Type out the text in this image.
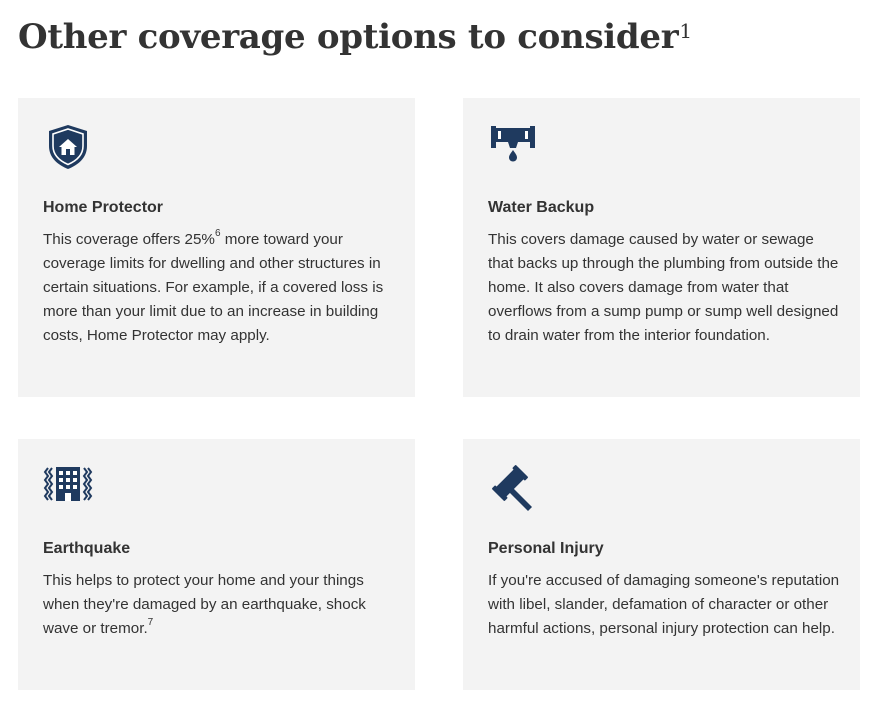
Other coverage options to consider$^1$
Home Protector

This coverage offers 25%$^6$ more toward your coverage limits for dwelling and other structures in certain situations. For example, if a covered loss is more than your limit due to an increase in building costs, Home Protector may apply.

Water Backup

This covers damage caused by water or sewage that backs up through the plumbing from outside the home. It also covers damage from water that overflows from a sump pump or sump well designed to drain water from the interior foundation.

Earthquake

This helps to protect your home and your things when they're damaged by an earthquake, shock wave or tremor.$^7$

Personal Injury

If you're accused of damaging someone's reputation with libel, slander, defamation of character or other harmful actions, personal injury protection can help.
